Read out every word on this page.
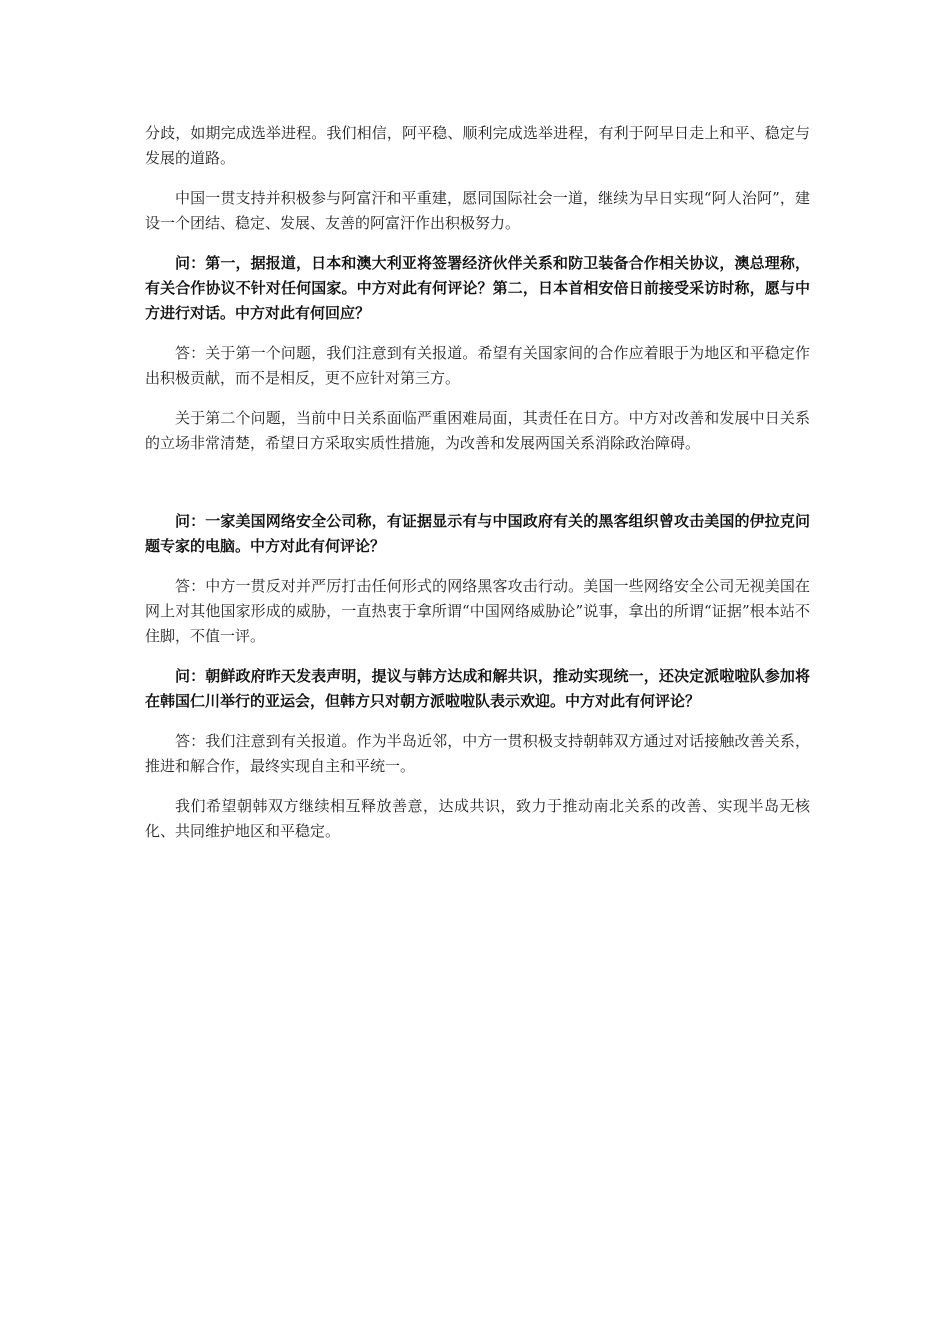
分歧，如期完成选举进程。我们相信，阿平稳、顺利完成选举进程，有利于阿早日走上和平、稳定与发展的道路。

中国一贯支持并积极参与阿富汗和平重建，愿同国际社会一道，继续为早日实现“阿人治阿”，建设一个团结、稳定、发展、友善的阿富汗作出积极努力。

问：第一，据报道，日本和澳大利亚将签署经济伙伴关系和防卫装备合作相关协议，澳总理称，有关合作协议不针对任何国家。中方对此有何评论？第二，日本首相安倍日前接受采访时称，愿与中方进行对话。中方对此有何回应？

答：关于第一个问题，我们注意到有关报道。希望有关国家间的合作应着眼于为地区和平稳定作出积极贡献，而不是相反，更不应针对第三方。

关于第二个问题，当前中日关系面临严重困难局面，其责任在日方。中方对改善和发展中日关系的立场非常清楚，希望日方采取实质性措施，为改善和发展两国关系消除政治障碍。

问：一家美国网络安全公司称，有证据显示有与中国政府有关的黑客组织曾攻击美国的伊拉克问题专家的电脑。中方对此有何评论？

答：中方一贯反对并严厉打击任何形式的网络黑客攻击行动。美国一些网络安全公司无视美国在网上对其他国家形成的威胁，一直热衷于拿所谓“中国网络威胁论”说事，拿出的所谓“证据”根本站不住脚，不值一评。

问：朝鲜政府昨天发表声明，提议与韩方达成和解共识，推动实现统一，还决定派啦啦队参加将在韩国仁川举行的亚运会，但韩方只对朝方派啦啦队表示欢迎。中方对此有何评论？

答：我们注意到有关报道。作为半岛近邻，中方一贯积极支持朝韩双方通过对话接触改善关系，推进和解合作，最终实现自主和平统一。

我们希望朝韩双方继续相互释放善意，达成共识，致力于推动南北关系的改善、实现半岛无核化、共同维护地区和平稳定。
